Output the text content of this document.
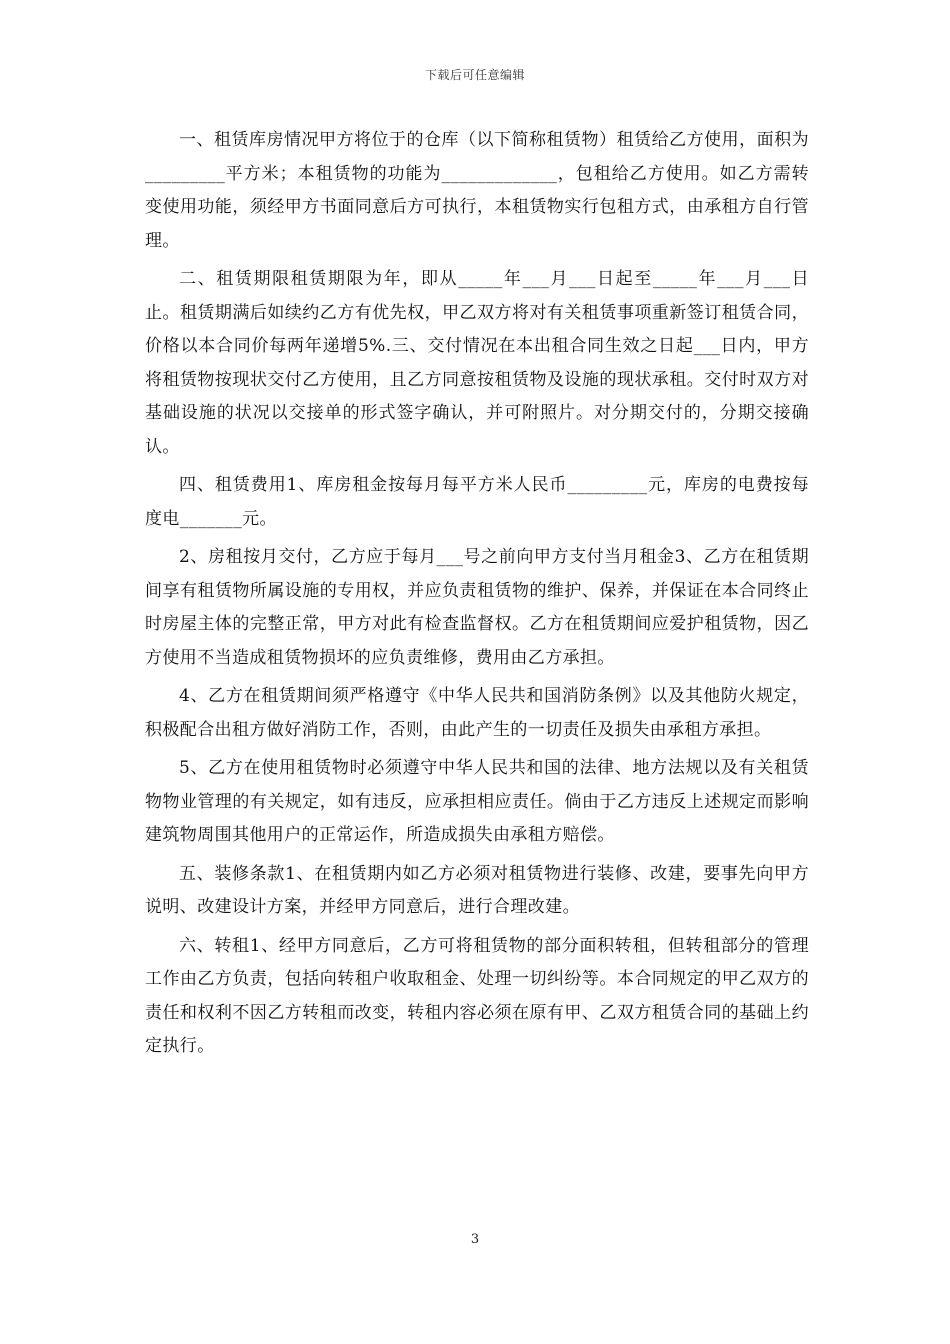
下载后可任意编辑

一、租赁库房情况甲方将位于的仓库（以下简称租赁物）租赁给乙方使用，面积为_________平方米；本租赁物的功能为_____________，包租给乙方使用。如乙方需转变使用功能，须经甲方书面同意后方可执行，本租赁物实行包租方式，由承租方自行管理。

二、租赁期限租赁期限为年，即从_____年___月___日起至_____年___月___日止。租赁期满后如续约乙方有优先权，甲乙双方将对有关租赁事项重新签订租赁合同，价格以本合同价每两年递增5%.三、交付情况在本出租合同生效之日起___日内，甲方将租赁物按现状交付乙方使用，且乙方同意按租赁物及设施的现状承租。交付时双方对基础设施的状况以交接单的形式签字确认，并可附照片。对分期交付的，分期交接确认。

四、租赁费用1、库房租金按每月每平方米人民币_________元，库房的电费按每度电_______元。

2、房租按月交付，乙方应于每月___号之前向甲方支付当月租金3、乙方在租赁期间享有租赁物所属设施的专用权，并应负责租赁物的维护、保养，并保证在本合同终止时房屋主体的完整正常，甲方对此有检查监督权。乙方在租赁期间应爱护租赁物，因乙方使用不当造成租赁物损坏的应负责维修，费用由乙方承担。

4、乙方在租赁期间须严格遵守《中华人民共和国消防条例》以及其他防火规定，积极配合出租方做好消防工作，否则，由此产生的一切责任及损失由承租方承担。

5、乙方在使用租赁物时必须遵守中华人民共和国的法律、地方法规以及有关租赁物物业管理的有关规定，如有违反，应承担相应责任。倘由于乙方违反上述规定而影响建筑物周围其他用户的正常运作，所造成损失由承租方赔偿。

五、装修条款1、在租赁期内如乙方必须对租赁物进行装修、改建，要事先向甲方说明、改建设计方案，并经甲方同意后，进行合理改建。

六、转租1、经甲方同意后，乙方可将租赁物的部分面积转租，但转租部分的管理工作由乙方负责，包括向转租户收取租金、处理一切纠纷等。本合同规定的甲乙双方的责任和权利不因乙方转租而改变，转租内容必须在原有甲、乙双方租赁合同的基础上约定执行。

3
